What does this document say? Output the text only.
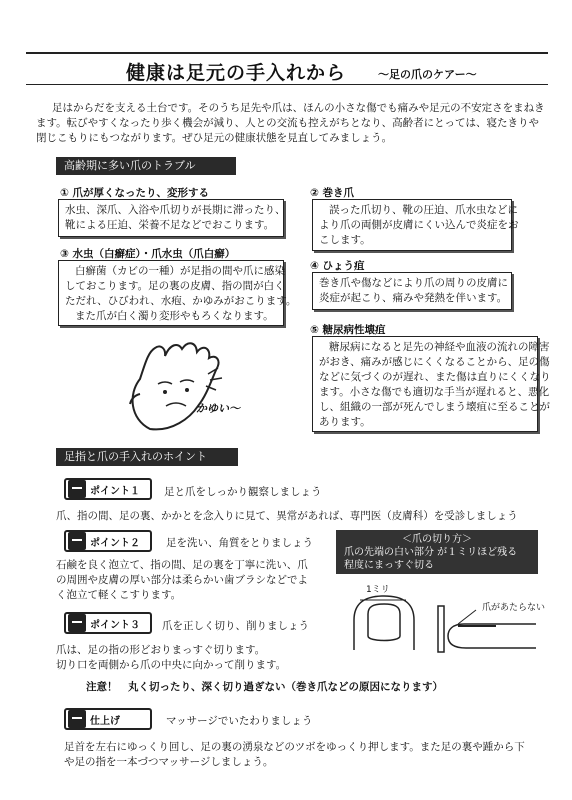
健康は足元の手入れから	〜足の爪のケアー〜
足はからだを支える土台です。そのうち足先や爪は、ほんの小さな傷でも痛みや足元の不安定さをまねき
ます。転びやすくなったり歩く機会が減り、人との交流も控えがちとなり、高齢者にとっては、寝たきりや
閉じこもりにもつながります。ぜひ足元の健康状態を見直してみましょう。
高齢期に多い爪のトラブル
① 爪が厚くなったり、変形する
水虫、深爪、入浴や爪切りが長期に滞ったり、
靴による圧迫、栄養不足などでおこります。
② 巻き爪
誤った爪切り、靴の圧迫、爪水虫などに
より爪の両側が皮膚にくい込んで炎症をお
こします。
③ 水虫（白癬症）・爪水虫（爪白癬）
白癬菌（カビの一種）が足指の間や爪に感染
しておこります。足の裏の皮膚、指の間が白く
ただれ、ひびわれ、水疱、かゆみがおこります。
また爪が白く濁り変形やもろくなります。
④ ひょう疽
巻き爪や傷などにより爪の周りの皮膚に
炎症が起こり、痛みや発熱を伴います。
⑤ 糖尿病性壊疽
糖尿病になると足先の神経や血液の流れの障害
がおき、痛みが感じにくくなることから、足の傷
などに気づくのが遅れ、また傷は直りにくくなり
ます。小さな傷でも適切な手当が遅れると、悪化
し、組織の一部が死んでしまう壊疽に至ることが
あります。
かゆい〜
足指と爪の手入れのホイント
ポイント１ 足と爪をしっかり観察しましょう
爪、指の間、足の裏、かかとを念入りに見て、異常があれば、専門医（皮膚科）を受診しましょう
ポイント２ 足を洗い、角質をとりましょう
石鹸を良く泡立て、指の間、足の裏を丁寧に洗い、爪
の周囲や皮膚の厚い部分は柔らかい歯ブラシなどでよ
く泡立て軽くこすります。
ポイント３ 爪を正しく切り、削りましょう
爪は、足の指の形どおりまっすぐ切ります。
切り口を両側から爪の中央に向かって削ります。
注意！　丸く切ったり、深く切り過ぎない（巻き爪などの原因になります）
仕上げ	マッサージでいたわりましょう
足首を左右にゆっくり回し、足の裏の湧泉などのツボをゆっくり押します。また足の裏や踵から下
や足の指を一本づつマッサージしましょう。
＜爪の切り方＞
爪の先端の白い部分 が１ミリほど残る
程度にまっすぐ切る
1ミリ
爪があたらない
